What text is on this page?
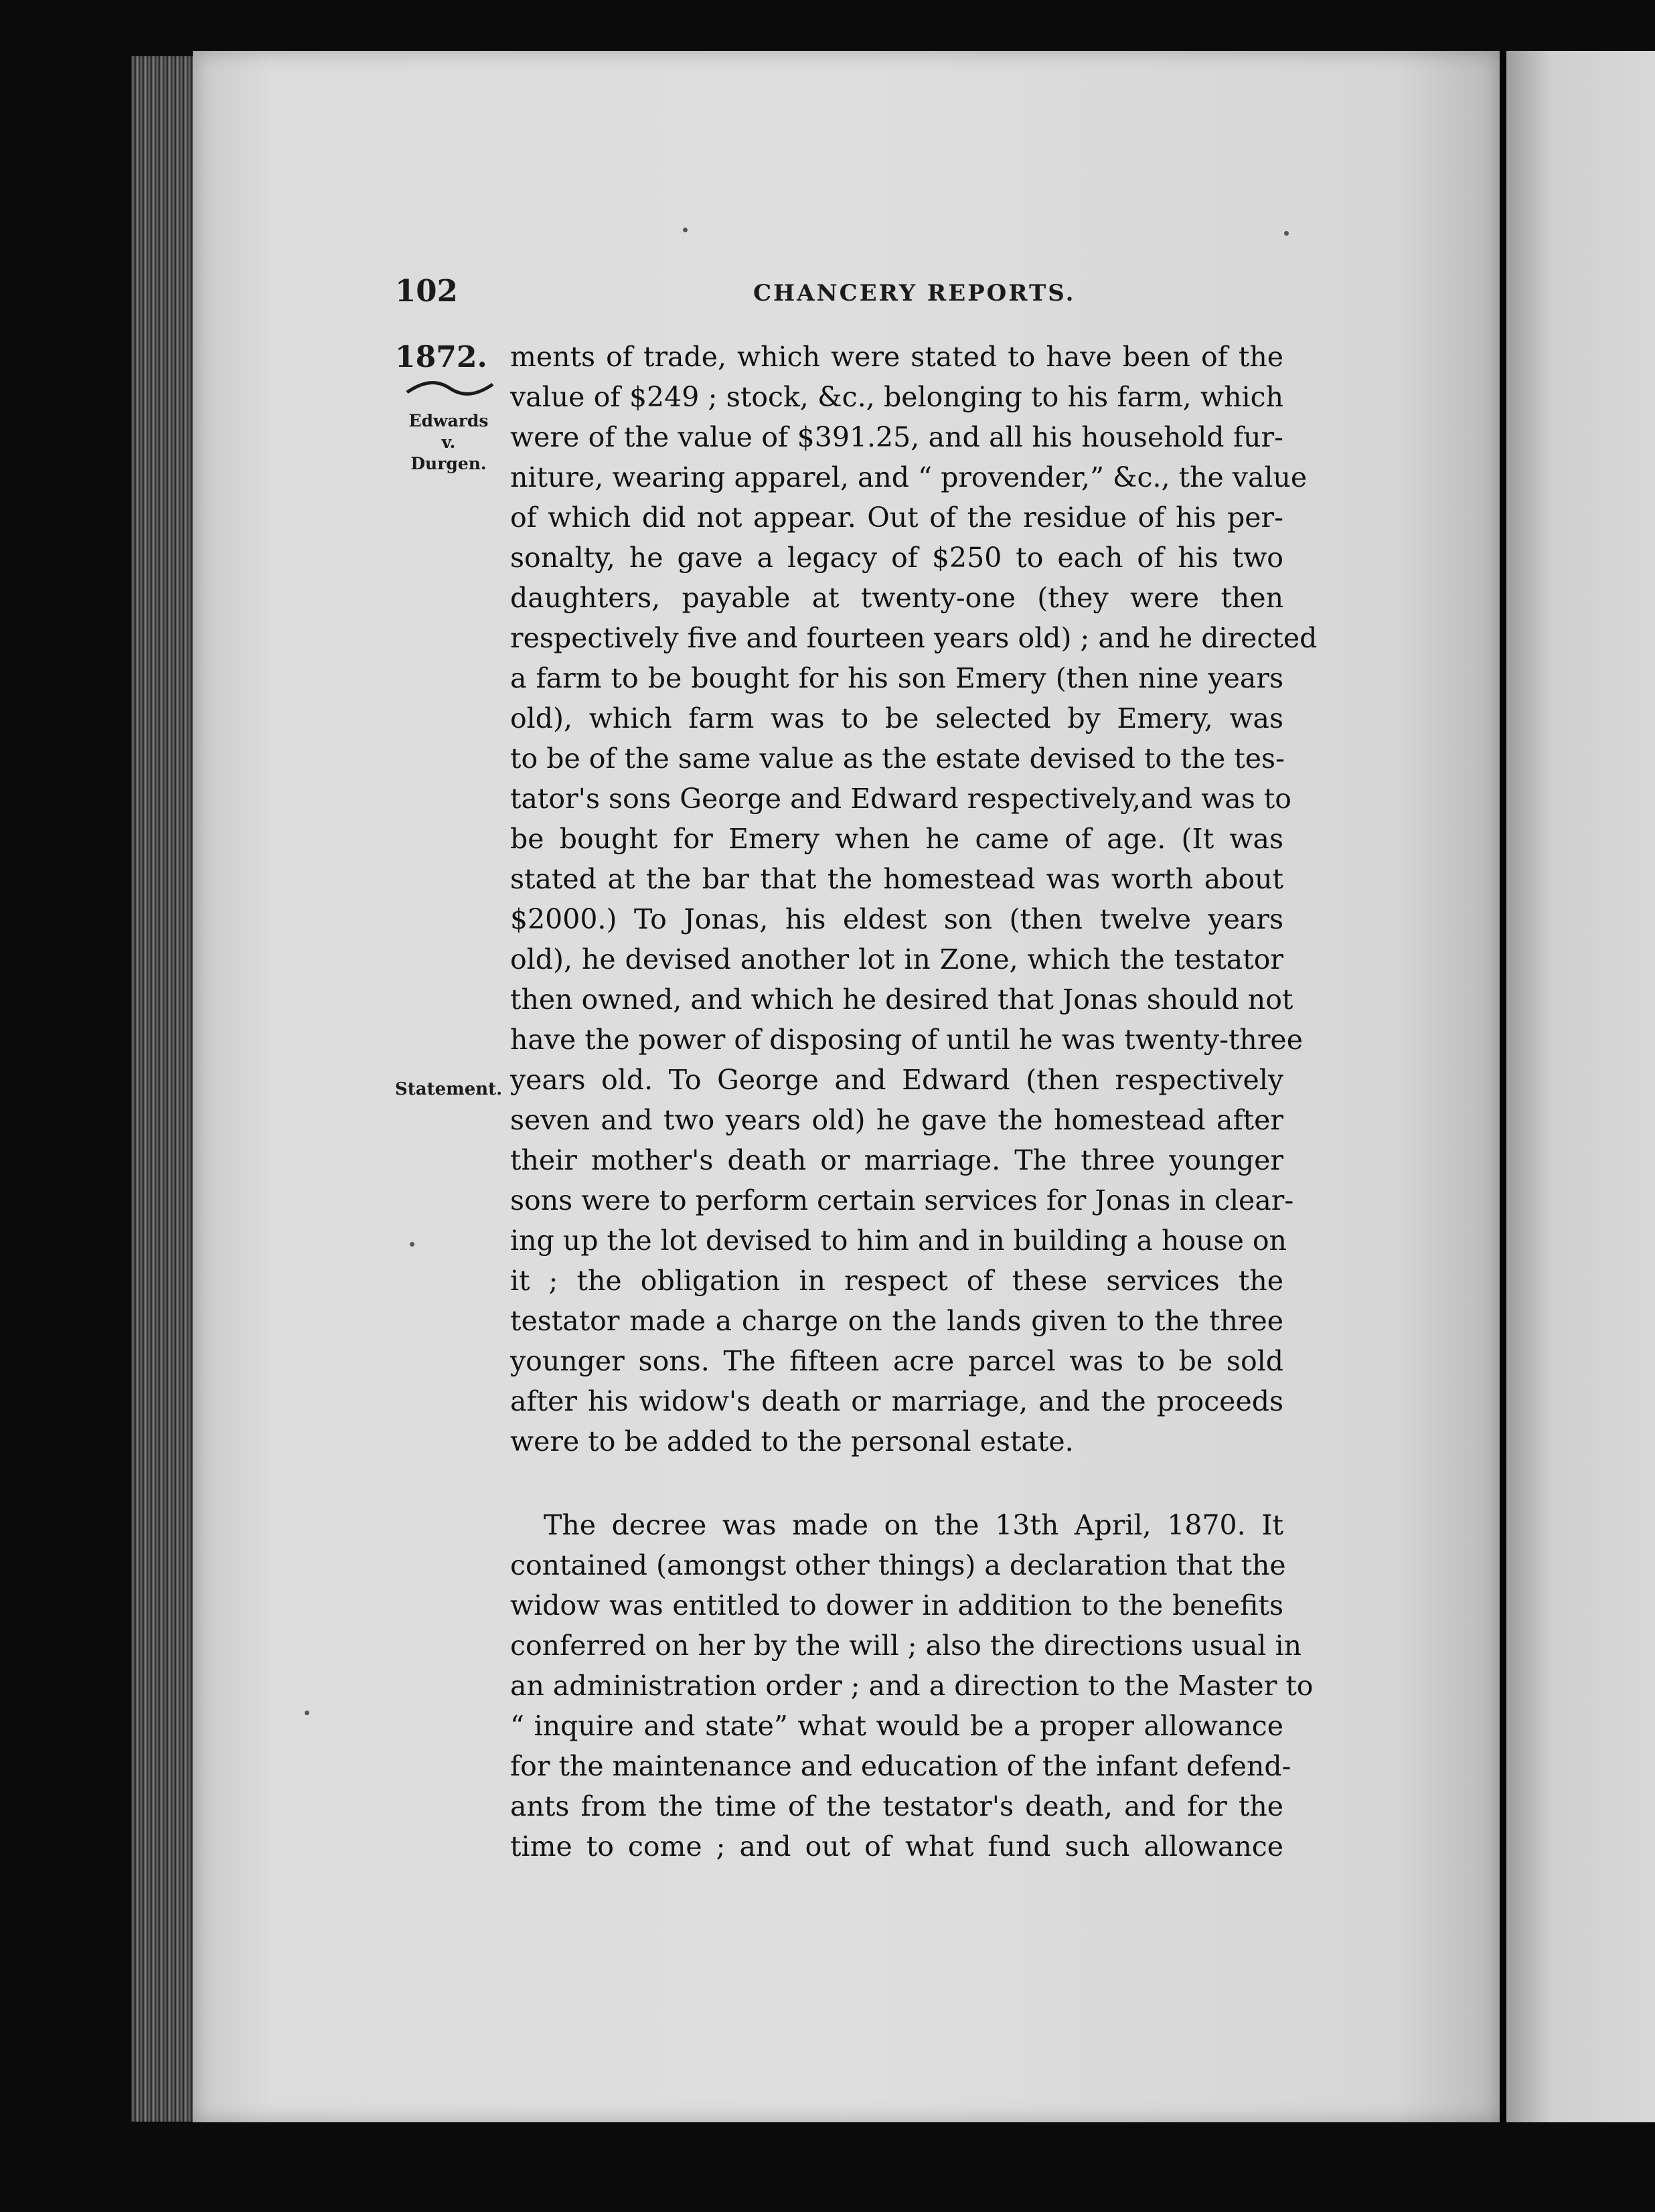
102	CHANCERY REPORTS.
1872.
Edwards
v.
Durgen.
Statement.
ments of trade, which were stated to have been of the
value of $249 ; stock, &c., belonging to his farm, which
were of the value of $391.25, and all his household fur-
niture, wearing apparel, and “ provender,” &c., the value
of which did not appear. Out of the residue of his per-
sonalty, he gave a legacy of $250 to each of his two
daughters, payable at twenty-one (they were then
respectively five and fourteen years old) ; and he directed
a farm to be bought for his son Emery (then nine years
old), which farm was to be selected by Emery, was
to be of the same value as the estate devised to the tes-
tator's sons George and Edward respectively,and was to
be bought for Emery when he came of age. (It was
stated at the bar that the homestead was worth about
$2000.) To Jonas, his eldest son (then twelve years
old), he devised another lot in Zone, which the testator
then owned, and which he desired that Jonas should not
have the power of disposing of until he was twenty-three
years old. To George and Edward (then respectively
seven and two years old) he gave the homestead after
their mother's death or marriage. The three younger
sons were to perform certain services for Jonas in clear-
ing up the lot devised to him and in building a house on
it ; the obligation in respect of these services the
testator made a charge on the lands given to the three
younger sons. The fifteen acre parcel was to be sold
after his widow's death or marriage, and the proceeds
were to be added to the personal estate.
The decree was made on the 13th April, 1870. It
contained (amongst other things) a declaration that the
widow was entitled to dower in addition to the benefits
conferred on her by the will ; also the directions usual in
an administration order ; and a direction to the Master to
“ inquire and state” what would be a proper allowance
for the maintenance and education of the infant defend-
ants from the time of the testator's death, and for the
time to come ; and out of what fund such allowance
